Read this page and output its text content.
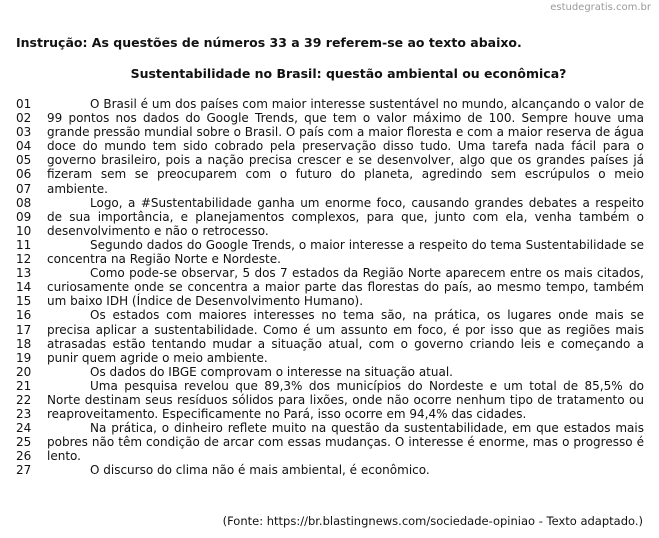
estudegratis.com.br
Instrução: As questões de números 33 a 39 referem-se ao texto abaixo.
Sustentabilidade no Brasil: questão ambiental ou econômica?
01
02
03
04
05
06
07
08
09
10
11
12
13
14
15
16
17
18
19
20
21
22
23
24
25
26
27

O Brasil é um dos países com maior interesse sustentável no mundo, alcançando o valor de 99 pontos nos dados do Google Trends, que tem o valor máximo de 100. Sempre houve uma grande pressão mundial sobre o Brasil. O país com a maior floresta e com a maior reserva de água doce do mundo tem sido cobrado pela preservação disso tudo. Uma tarefa nada fácil para o governo brasileiro, pois a nação precisa crescer e se desenvolver, algo que os grandes países já fizeram sem se preocuparem com o futuro do planeta, agredindo sem escrúpulos o meio ambiente.

Logo, a #Sustentabilidade ganha um enorme foco, causando grandes debates a respeito de sua importância, e planejamentos complexos, para que, junto com ela, venha também o desenvolvimento e não o retrocesso.

Segundo dados do Google Trends, o maior interesse a respeito do tema Sustentabilidade se concentra na Região Norte e Nordeste.

Como pode-se observar, 5 dos 7 estados da Região Norte aparecem entre os mais citados, curiosamente onde se concentra a maior parte das florestas do país, ao mesmo tempo, também um baixo IDH (Índice de Desenvolvimento Humano).

Os estados com maiores interesses no tema são, na prática, os lugares onde mais se precisa aplicar a sustentabilidade. Como é um assunto em foco, é por isso que as regiões mais atrasadas estão tentando mudar a situação atual, com o governo criando leis e começando a punir quem agride o meio ambiente.

Os dados do IBGE comprovam o interesse na situação atual.

Uma pesquisa revelou que 89,3% dos municípios do Nordeste e um total de 85,5% do Norte destinam seus resíduos sólidos para lixões, onde não ocorre nenhum tipo de tratamento ou reaproveitamento. Especificamente no Pará, isso ocorre em 94,4% das cidades.

Na prática, o dinheiro reflete muito na questão da sustentabilidade, em que estados mais pobres não têm condição de arcar com essas mudanças. O interesse é enorme, mas o progresso é lento.

O discurso do clima não é mais ambiental, é econômico.

(Fonte: https://br.blastingnews.com/sociedade-opiniao - Texto adaptado.)
